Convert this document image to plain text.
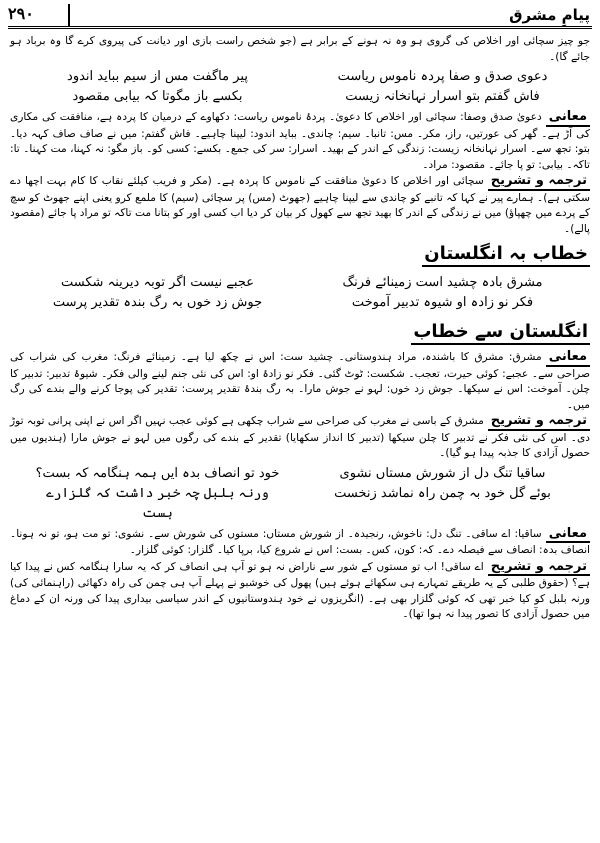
۲۹۰	پیامِ مشرق

جو چیز سچائی اور اخلاص کی گروی ہو وہ نہ ہونے کے برابر ہے (جو شخص راست بازی اور دیانت کی پیروی کرے گا وہ برباد ہو جائے گا)۔

دعوی صدق و صفا پردہ ناموس ریاست
پیر ماگفت مس از سیم بباید اندود
فاش گفتم بتو اسرار نہانخانہ زیست
بکسے باز مگوتا کہ بیابی مقصود

معانیدعویٰ صدق وصفا: سچائی اور اخلاص کا دعویٰ۔ پردۂ ناموس ریاست: دکھاوے کے درمیان کا پردہ ہے، منافقت کی مکاری کی آڑ ہے۔ گھر کی عورتیں، راز، مکر۔ مس: تانبا۔ سیم: چاندی۔ بباید اندود: لیپنا چاہیے۔ فاش گفتم: میں نے صاف صاف کہہ دیا۔ بتو: تجھ سے۔ اسرار نہانخانہ زیست: زندگی کے اندر کے بھید۔ اسرار: سر کی جمع۔ بکسے: کسی کو۔ باز مگو: نہ کہنا، مت کہنا۔ تا: تاکہ۔ بیابی: تو پا جائے۔ مقصود: مراد۔

ترجمہ و تشریحسچائی اور اخلاص کا دعویٰ منافقت کے ناموس کا پردہ ہے۔ (مکر و فریب کیلئے نقاب کا کام بہت اچھا دے سکتی ہے)۔ ہمارے پیر نے کہا کہ تانبے کو چاندی سے لیپنا چاہیے (جھوٹ (مس) پر سچائی (سیم) کا ملمع کرو یعنی اپنے جھوٹ کو سچ کے پردے میں چھپاؤ) میں نے زندگی کے اندر کا بھید تجھ سے کھول کر بیان کر دیا اب کسی اور کو بتانا مت تاکہ تو مراد پا جائے (مقصود پالے)۔

خطاب بہ انگلستان
مشرق بادہ چشید است زمینائے فرنگ
عجبے نیست اگر توبہ دیرینہ شکست
فکر نو زادہ او شیوہ تدبیر آموخت
جوش زد خوں بہ رگ بندہ تقدیر پرست
انگلستان سے خطاب

معانیمشرق: مشرق کا باشندہ، مراد ہندوستانی۔ چشید ست: اس نے چکھ لیا ہے۔ زمینائے فرنگ: مغرب کی شراب کی صراحی سے۔ عجبے: کوئی حیرت، تعجب۔ شکست: ٹوٹ گئی۔ فکر نو زادۂ او: اس کی نئی جنم لینے والی فکر۔ شیوۂ تدبیر: تدبیر کا چلن۔ آموخت: اس نے سیکھا۔ جوش زد خوں: لہو نے جوش مارا۔ بہ رگ بندۂ تقدیر پرست: تقدیر کی پوجا کرنے والے بندے کی رگ میں۔

ترجمہ و تشریحمشرق کے باسی نے مغرب کی صراحی سے شراب چکھی ہے کوئی عجب نہیں اگر اس نے اپنی پرانی توبہ توڑ دی۔ اس کی نئی فکر نے تدبیر کا چلن سیکھا (تدبیر کا انداز سکھایا) تقدیر کے بندے کی رگوں میں لہو نے جوش مارا (ہندیوں میں حصول آزادی کا جذبہ پیدا ہو گیا)۔

ساقیا تنگ دل از شورش مستاں نشوی
خود تو انصاف بدہ ایں ہمہ ہنگامہ کہ بست؟
بوئے گل خود بہ چمن راہ نماشد زنخست
ورنہ بلبل چہ خبر داشت کہ گلزارے ہست

معانیساقیا: اے ساقی۔ تنگ دل: ناخوش، رنجیدہ۔ از شورش مستاں: مستوں کی شورش سے۔ نشوی: تو مت ہو، تو نہ ہونا۔ انصاف بدہ: انصاف سے فیصلہ دے۔ کہ: کون، کس۔ بست: اس نے شروع کیا، برپا کیا۔ گلزار: کوئی گلزار۔

ترجمہ و تشریحاے ساقی! اب تو مستوں کے شور سے ناراض نہ ہو تو آپ ہی انصاف کر کہ یہ سارا ہنگامہ کس نے پیدا کیا ہے؟ (حقوق طلبی کے یہ طریقے تمہارے ہی سکھائے ہوئے ہیں) پھول کی خوشبو نے پہلے آپ ہی چمن کی راہ دکھائی (راہنمائی کی) ورنہ بلبل کو کیا خبر تھی کہ کوئی گلزار بھی ہے۔ (انگریزوں نے خود ہندوستانیوں کے اندر سیاسی بیداری پیدا کی ورنہ ان کے دماغ میں حصول آزادی کا تصور پیدا نہ ہوا تھا)۔
